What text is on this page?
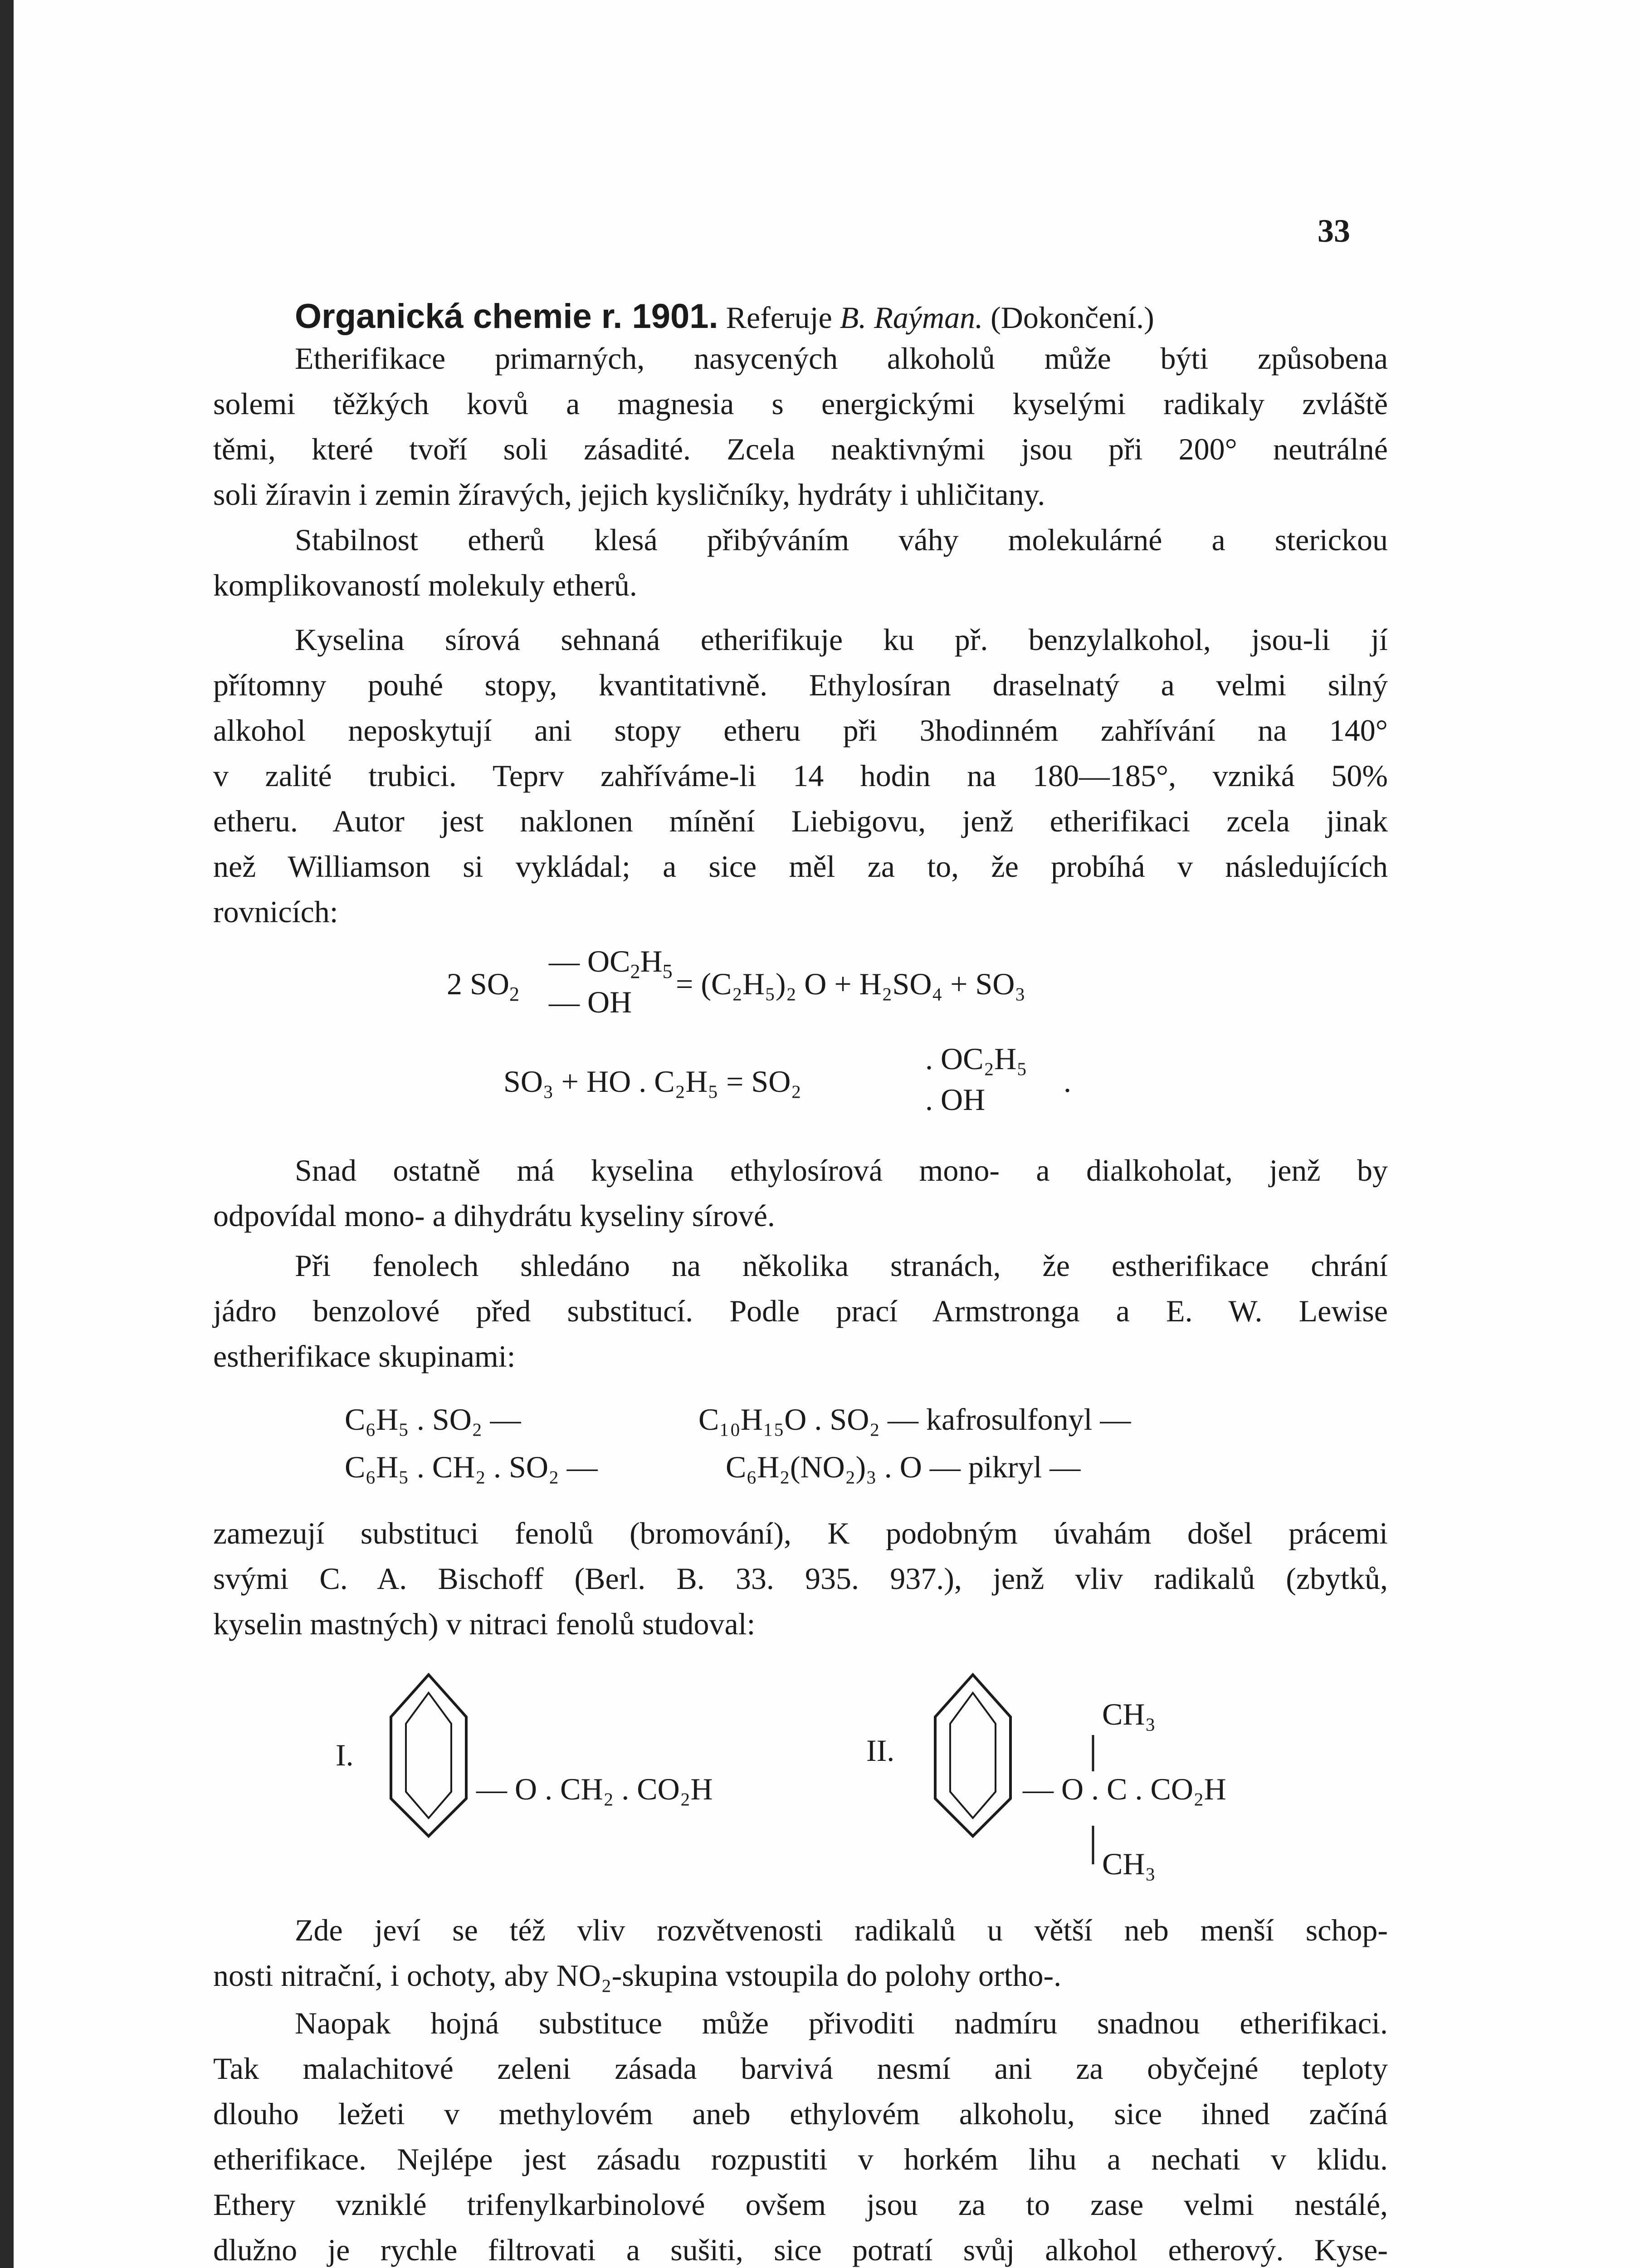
33
Organická chemie r. 1901. Referuje B. Raýman. (Dokončení.)
Etherifikace primarných, nasycených alkoholů může býti způsobena
solemi těžkých kovů a magnesia s energickými kyselými radikaly zvláště
těmi, které tvoří soli zásadité. Zcela neaktivnými jsou při 200° neutrálné
soli žíravin i zemin žíravých, jejich kysličníky, hydráty i uhličitany.
Stabilnost etherů klesá přibýváním váhy molekulárné a sterickou
komplikovaností molekuly etherů.
Kyselina sírová sehnaná etherifikuje ku př. benzylalkohol, jsou-li jí
přítomny pouhé stopy, kvantitativně. Ethylosíran draselnatý a velmi silný
alkohol neposkytují ani stopy etheru při 3hodinném zahřívání na 140°
v zalité trubici. Teprv zahříváme-li 14 hodin na 180—185°, vzniká 50%
etheru. Autor jest naklonen mínění Liebigovu, jenž etherifikaci zcela jinak
než Williamson si vykládal; a sice měl za to, že probíhá v následujících
rovnicích:
2 $SO_2$
— $OC_2H_5$
— OH
= (C₂H₅)₂ O + H₂SO₄ + SO₃
SO₃ + HO . C₂H₅ = SO₂
. OC₂H₅
. OH
.
Snad ostatně má kyselina ethylosírová mono- a dialkoholat, jenž by
odpovídal mono- a dihydrátu kyseliny sírové.
Při fenolech shledáno na několika stranách, že estherifikace chrání
jádro benzolové před substitucí. Podle prací Armstronga a E. W. Lewise
estherifikace skupinami:
C₆H₅ . SO₂ —
C₆H₅ . CH₂ . SO₂ —
C₁₀H₁₅O . SO₂ — kafrosulfonyl —
C₆H₂(NO₂)₃ . O — pikryl —
zamezují substituci fenolů (bromování), K podobným úvahám došel prácemi
svými C. A. Bischoff (Berl. B. 33. 935. 937.), jenž vliv radikalů (zbytků,
kyselin mastných) v nitraci fenolů studoval:
I.
— O . CH₂ . CO₂H
II.
CH₃
— O . C . CO₂H
CH₃
Zde jeví se též vliv rozvětvenosti radikalů u větší neb menší schop-
nosti nitrační, i ochoty, aby NO₂-skupina vstoupila do polohy ortho-.
Naopak hojná substituce může přivoditi nadmíru snadnou etherifikaci.
Tak malachitové zeleni zásada barvivá nesmí ani za obyčejné teploty
dlouho ležeti v methylovém aneb ethylovém alkoholu, sice ihned začíná
etherifikace. Nejlépe jest zásadu rozpustiti v horkém lihu a nechati v klidu.
Ethery vzniklé trifenylkarbinolové ovšem jsou za to zase velmi nestálé,
dlužno je rychle filtrovati a sušiti, sice potratí svůj alkohol etherový. Kyse-
